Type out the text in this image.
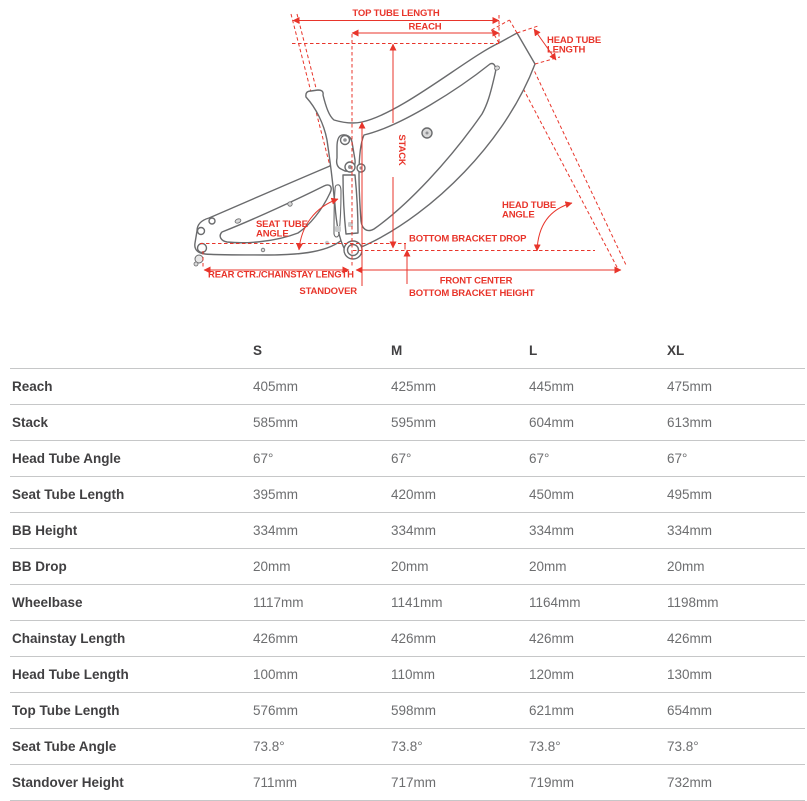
TOP TUBE LENGTH
REACH
HEAD TUBE
LENGTH
STACK
SEAT TUBE
ANGLE
HEAD TUBE
ANGLE
BOTTOM BRACKET DROP
REAR CTR./CHAINSTAY LENGTH
STANDOVER
FRONT CENTER
BOTTOM BRACKET HEIGHT
	S	M	L	XL
Reach	405mm	425mm	445mm	475mm
Stack	585mm	595mm	604mm	613mm
Head Tube Angle	67°	67°	67°	67°
Seat Tube Length	395mm	420mm	450mm	495mm
BB Height	334mm	334mm	334mm	334mm
BB Drop	20mm	20mm	20mm	20mm
Wheelbase	1117mm	1141mm	1164mm	1198mm
Chainstay Length	426mm	426mm	426mm	426mm
Head Tube Length	100mm	110mm	120mm	130mm
Top Tube Length	576mm	598mm	621mm	654mm
Seat Tube Angle	73.8°	73.8°	73.8°	73.8°
Standover Height	711mm	717mm	719mm	732mm
